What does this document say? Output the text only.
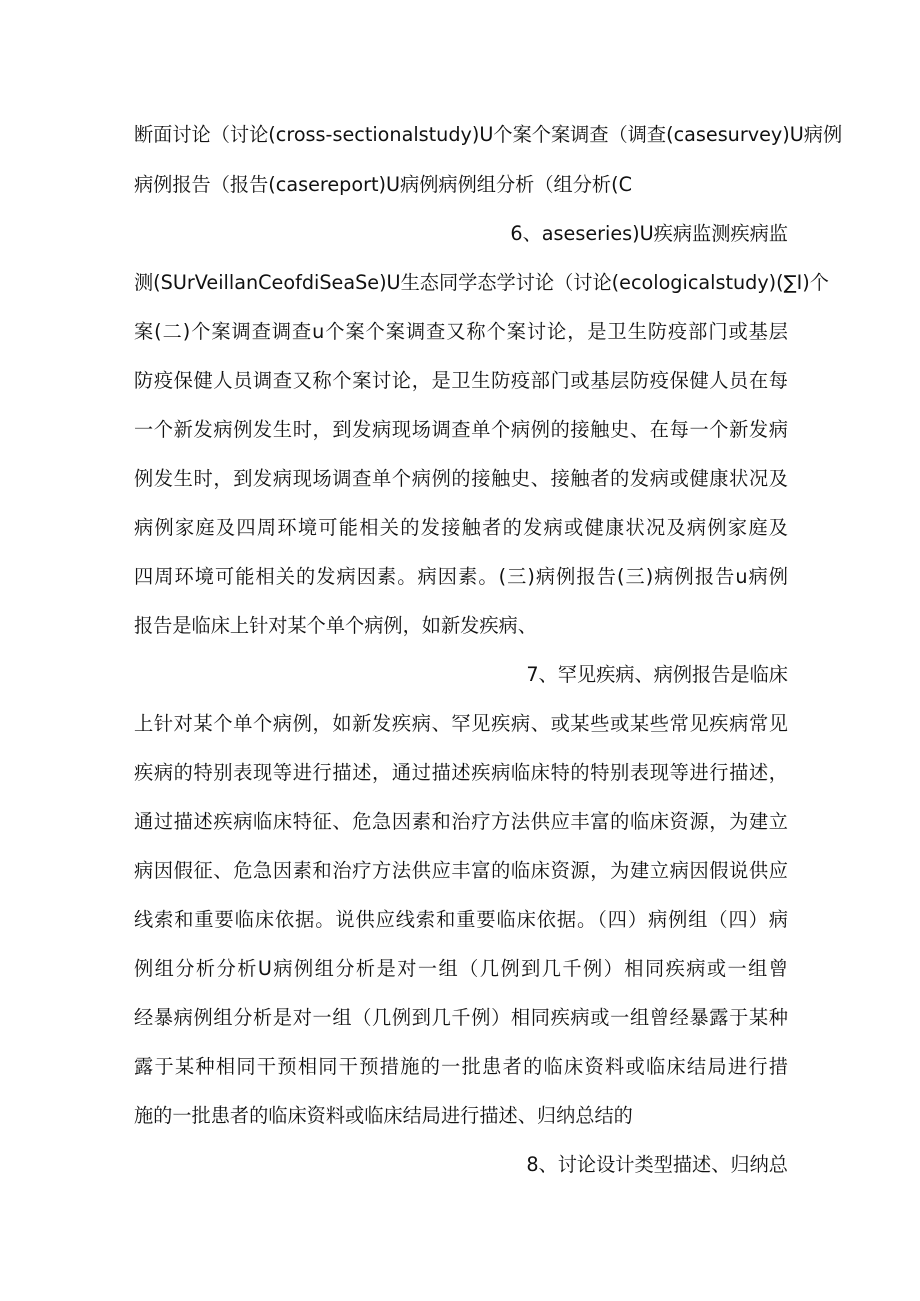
断面讨论（讨论(cross-sectionalstudy)U个案个案调查（调查(casesurvey)U病例
病例报告（报告(casereport)U病例病例组分析（组分析(C
6、aseseries)U疾病监测疾病监
测(SUrVeillanCeofdiSeaSe)U生态同学态学讨论（讨论(ecologicalstudy)(∑I)个
案(二)个案调查调查u个案个案调查又称个案讨论，是卫生防疫部门或基层
防疫保健人员调查又称个案讨论，是卫生防疫部门或基层防疫保健人员在每
一个新发病例发生时，到发病现场调查单个病例的接触史、在每一个新发病
例发生时，到发病现场调查单个病例的接触史、接触者的发病或健康状况及
病例家庭及四周环境可能相关的发接触者的发病或健康状况及病例家庭及
四周环境可能相关的发病因素。病因素。(三)病例报告(三)病例报告u病例
报告是临床上针对某个单个病例，如新发疾病、
7、罕见疾病、病例报告是临床
上针对某个单个病例，如新发疾病、罕见疾病、或某些或某些常见疾病常见
疾病的特别表现等进行描述，通过描述疾病临床特的特别表现等进行描述，
通过描述疾病临床特征、危急因素和治疗方法供应丰富的临床资源，为建立
病因假征、危急因素和治疗方法供应丰富的临床资源，为建立病因假说供应
线索和重要临床依据。说供应线索和重要临床依据。（四）病例组（四）病
例组分析分析U病例组分析是对一组（几例到几千例）相同疾病或一组曾
经暴病例组分析是对一组（几例到几千例）相同疾病或一组曾经暴露于某种
露于某种相同干预相同干预措施的一批患者的临床资料或临床结局进行措
施的一批患者的临床资料或临床结局进行描述、归纳总结的
8、讨论设计类型描述、归纳总
